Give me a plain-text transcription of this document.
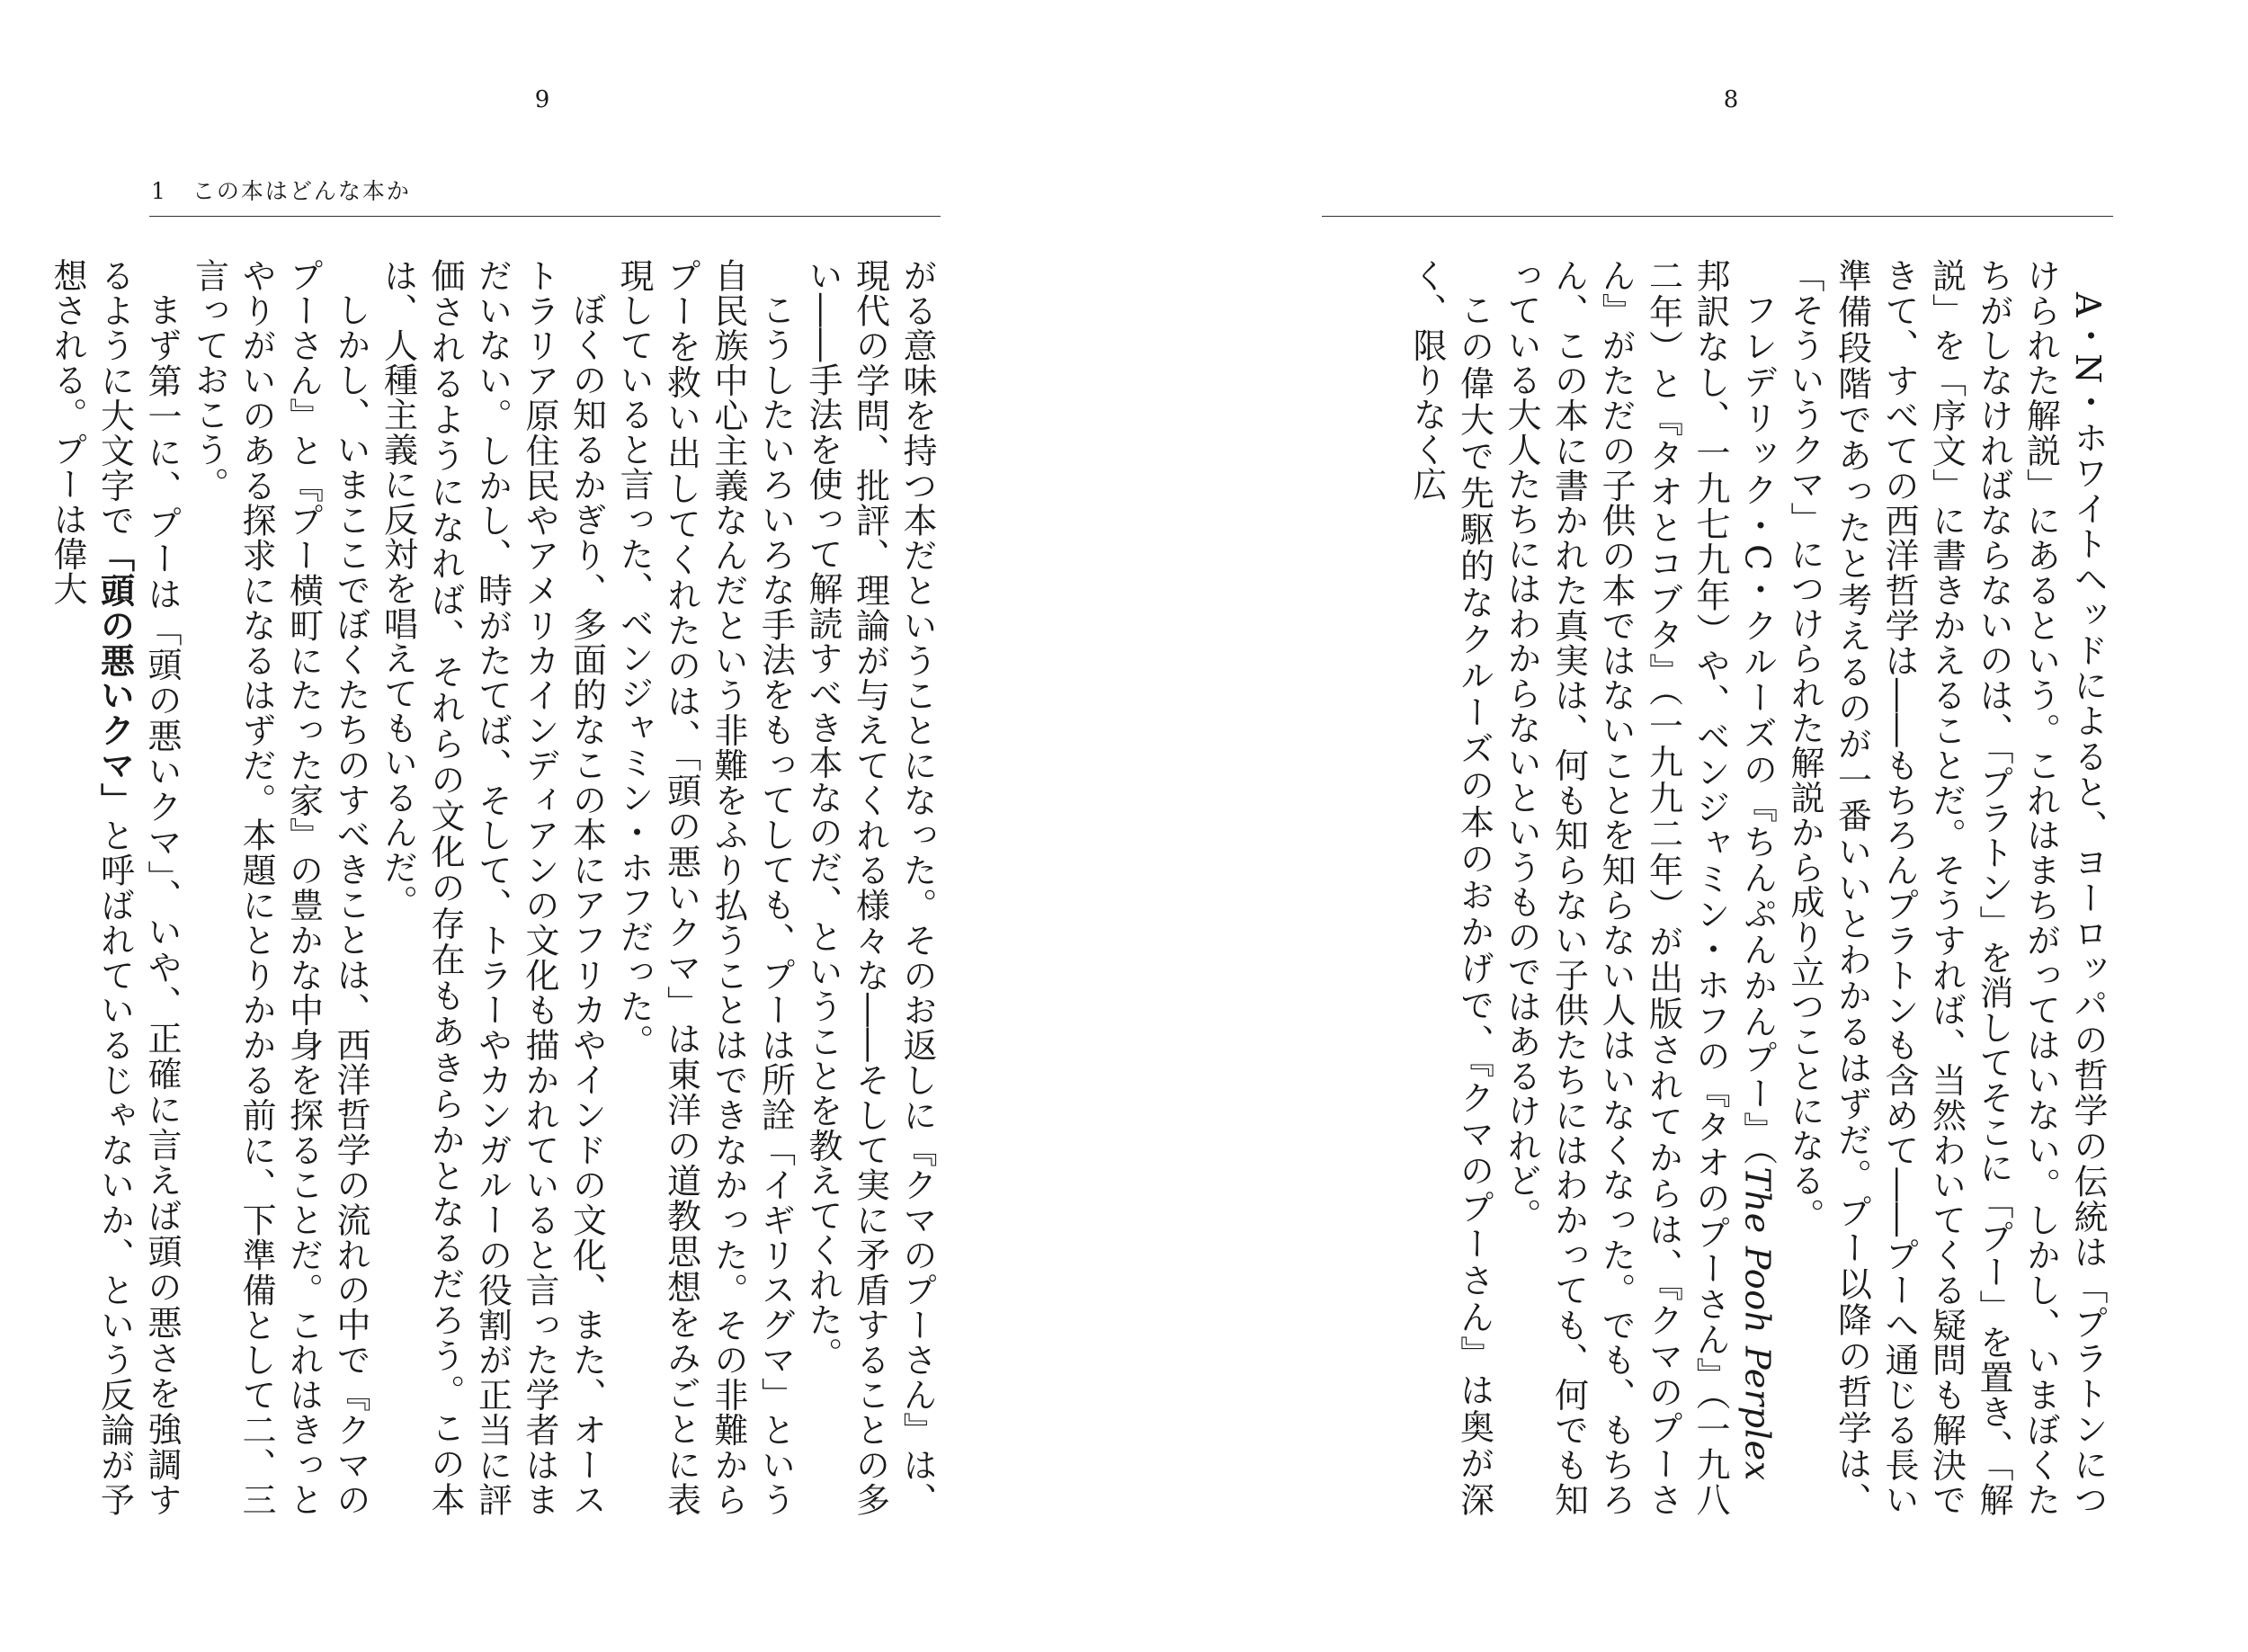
9
1 この本はどんな本か

がる意味を持つ本だということになった。そのお返しに『クマのプーさん』は、現代の学問、批評、理論が与えてくれる様々な――そして実に矛盾することの多い――手法を使って解読すべき本なのだ、ということを教えてくれた。

こうしたいろいろな手法をもってしても、プーは所詮「イギリスグマ」という自民族中心主義なんだという非難をふり払うことはできなかった。その非難からプーを救い出してくれたのは、「頭の悪いクマ」は東洋の道教思想をみごとに表現していると言った、ベンジャミン・ホフだった。

ぼくの知るかぎり、多面的なこの本にアフリカやインドの文化、また、オーストラリア原住民やアメリカインディアンの文化も描かれていると言った学者はまだいない。しかし、時がたてば、そして、トラーやカンガルーの役割が正当に評価されるようになれば、それらの文化の存在もあきらかとなるだろう。この本は、人種主義に反対を唱えてもいるんだ。

しかし、いまここでぼくたちのすべきことは、西洋哲学の流れの中で『クマのプーさん』と『プー横町にたった家』の豊かな中身を探ることだ。これはきっとやりがいのある探求になるはずだ。本題にとりかかる前に、下準備として二、三言っておこう。

まず第一に、プーは「頭の悪いクマ」、いや、正確に言えば頭の悪さを強調するように大文字で「頭の悪いクマ」と呼ばれているじゃないか、という反論が予想される。プーは偉大

8

A・N・ホワイトヘッドによると、ヨーロッパの哲学の伝統は「プラトンにつけられた解説」にあるという。これはまちがってはいない。しかし、いまぼくたちがしなければならないのは、「プラトン」を消してそこに「プー」を置き、「解説」を「序文」に書きかえることだ。そうすれば、当然わいてくる疑問も解決できて、すべての西洋哲学は――もちろんプラトンも含めて――プーへ通じる長い準備段階であったと考えるのが一番いいとわかるはずだ。プー以降の哲学は、「そういうクマ」につけられた解説から成り立つことになる。

フレデリック・C・クルーズの『ちんぷんかんプー』（The Pooh Perplex　邦訳なし、一九七九年）や、ベンジャミン・ホフの『タオのプーさん』（一九八二年）と『タオとコブタ』（一九九二年）が出版されてからは、『クマのプーさん』がただの子供の本ではないことを知らない人はいなくなった。でも、もちろん、この本に書かれた真実は、何も知らない子供たちにはわかっても、何でも知っている大人たちにはわからないというものではあるけれど。

この偉大で先駆的なクルーズの本のおかげで、『クマのプーさん』は奥が深く、限りなく広
